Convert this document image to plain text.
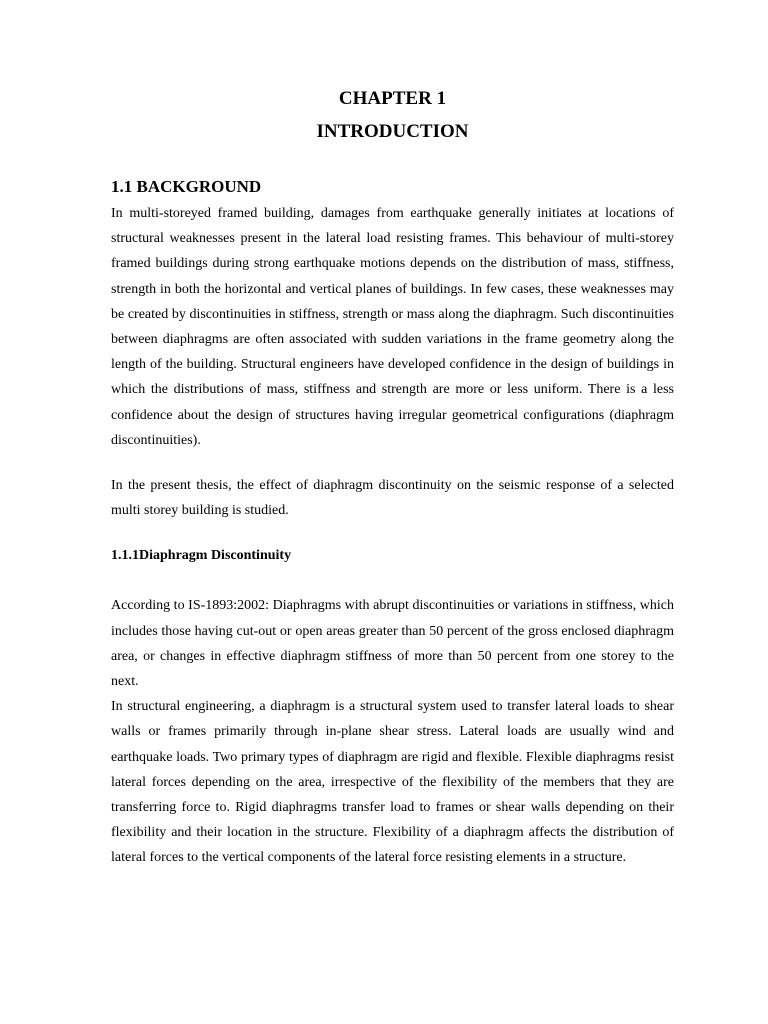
CHAPTER 1
INTRODUCTION
1.1 BACKGROUND

In multi-storeyed framed building, damages from earthquake generally initiates at locations of structural weaknesses present in the lateral load resisting frames. This behaviour of multi-storey framed buildings during strong earthquake motions depends on the distribution of mass, stiffness, strength in both the horizontal and vertical planes of buildings. In few cases, these weaknesses may be created by discontinuities in stiffness, strength or mass along the diaphragm. Such discontinuities between diaphragms are often associated with sudden variations in the frame geometry along the length of the building. Structural engineers have developed confidence in the design of buildings in which the distributions of mass, stiffness and strength are more or less uniform. There is a less confidence about the design of structures having irregular geometrical configurations (diaphragm discontinuities).

In the present thesis, the effect of diaphragm discontinuity on the seismic response of a selected multi storey building is studied.

1.1.1Diaphragm Discontinuity

According to IS-1893:2002: Diaphragms with abrupt discontinuities or variations in stiffness, which includes those having cut-out or open areas greater than 50 percent of the gross enclosed diaphragm area, or changes in effective diaphragm stiffness of more than 50 percent from one storey to the next.

In structural engineering, a diaphragm is a structural system used to transfer lateral loads to shear walls or frames primarily through in-plane shear stress. Lateral loads are usually wind and earthquake loads. Two primary types of diaphragm are rigid and flexible. Flexible diaphragms resist lateral forces depending on the area, irrespective of the flexibility of the members that they are transferring force to. Rigid diaphragms transfer load to frames or shear walls depending on their flexibility and their location in the structure. Flexibility of a diaphragm affects the distribution of lateral forces to the vertical components of the lateral force resisting elements in a structure.
